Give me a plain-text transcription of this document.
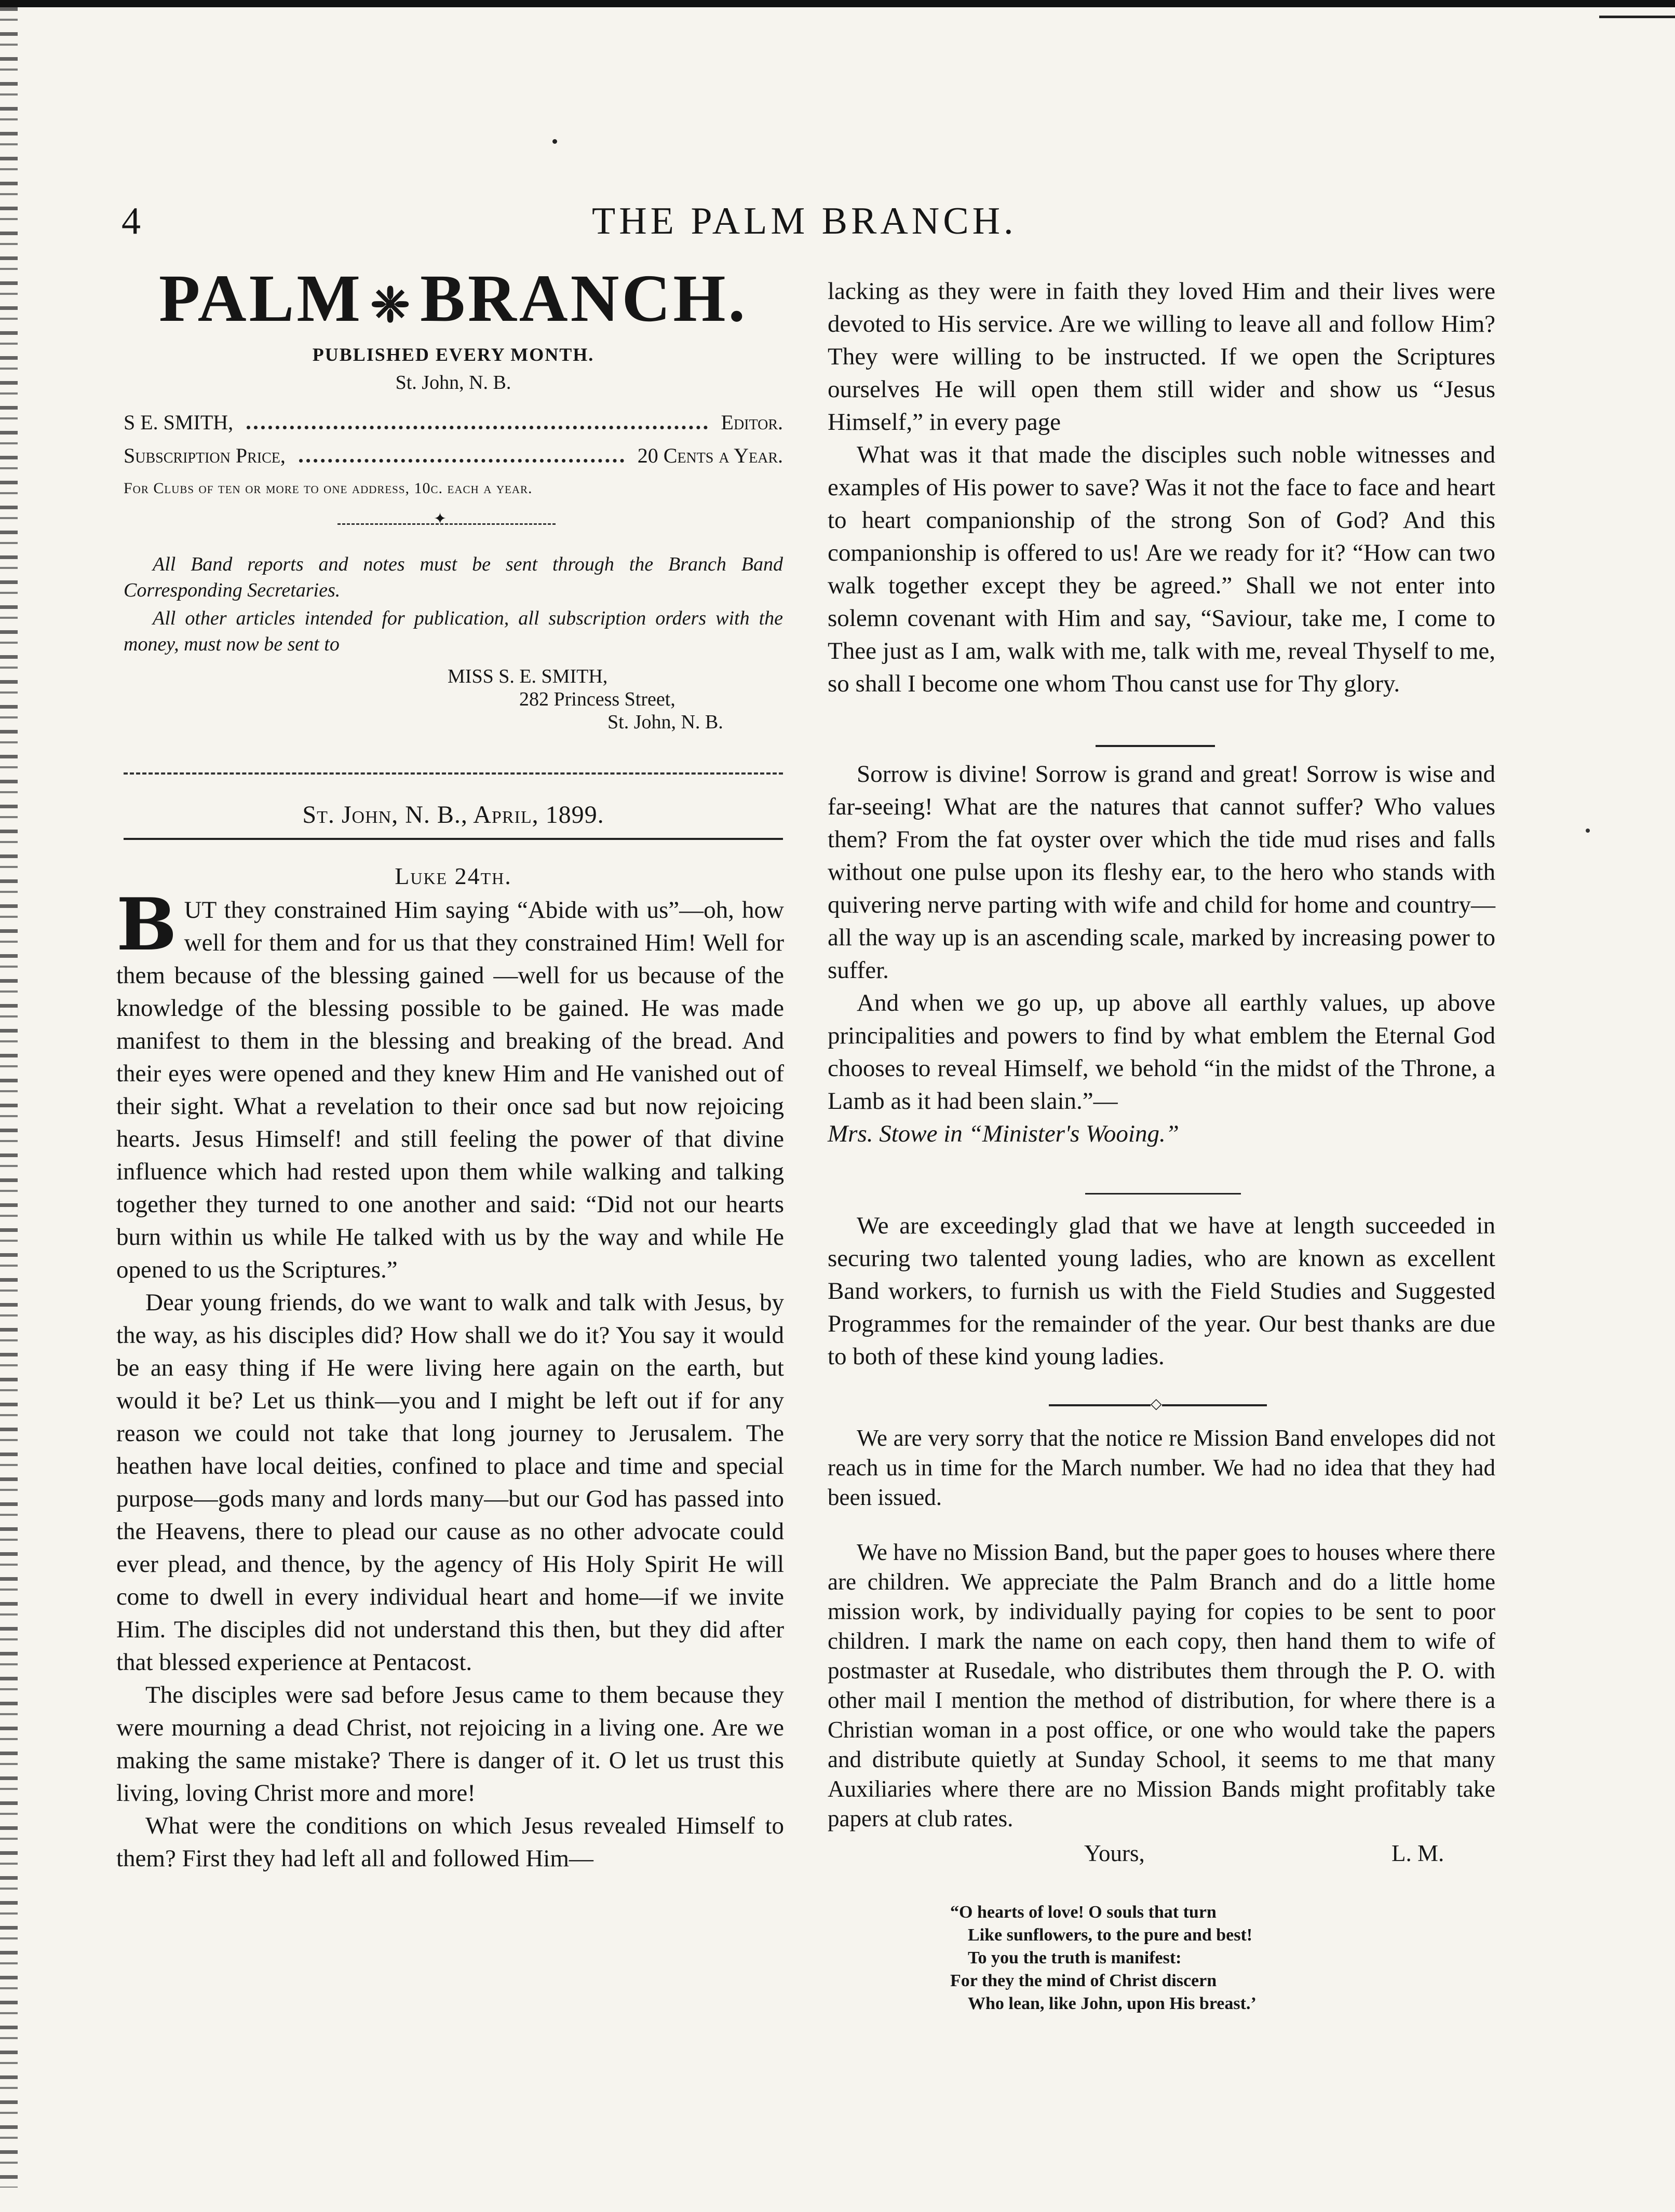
4	THE PALM BRANCH.
PALM ❈ BRANCH.
PUBLISHED EVERY MONTH.
St. John, N. B.
S E. SMITH,	Editor.
Subscription Price,	20 Cents a Year.
For Clubs of ten or more to one address, 10c. each a year.
✦

All Band reports and notes must be sent through the Branch Band Corresponding Secretaries.

All other articles intended for publication, all subscription orders with the money, must now be sent to

MISS S. E. SMITH,
282 Princess Street,
St. John, N. B.
St. John, N. B., April, 1899.
Luke 24th.

BUT they constrained Him saying “Abide with us”—oh, how well for them and for us that they constrained Him! Well for them because of the blessing gained —well for us because of the knowledge of the blessing possible to be gained. He was made manifest to them in the blessing and breaking of the bread. And their eyes were opened and they knew Him and He vanished out of their sight. What a revelation to their once sad but now rejoicing hearts. Jesus Himself! and still feeling the power of that divine influence which had rested upon them while walking and talking together they turned to one another and said: “Did not our hearts burn within us while He talked with us by the way and while He opened to us the Scriptures.”

Dear young friends, do we want to walk and talk with Jesus, by the way, as his disciples did? How shall we do it? You say it would be an easy thing if He were living here again on the earth, but would it be? Let us think—you and I might be left out if for any reason we could not take that long journey to Jerusalem. The heathen have local deities, confined to place and time and special purpose—gods many and lords many—but our God has passed into the Heavens, there to plead our cause as no other advocate could ever plead, and thence, by the agency of His Holy Spirit He will come to dwell in every individual heart and home—if we invite Him. The disciples did not understand this then, but they did after that blessed experience at Pentacost.

The disciples were sad before Jesus came to them because they were mourning a dead Christ, not rejoicing in a living one. Are we making the same mistake? There is danger of it. O let us trust this living, loving Christ more and more!

What were the conditions on which Jesus revealed Himself to them? First they had left all and followed Him—

lacking as they were in faith they loved Him and their lives were devoted to His service. Are we willing to leave all and follow Him? They were willing to be instructed. If we open the Scriptures ourselves He will open them still wider and show us “Jesus Himself,” in every page

What was it that made the disciples such noble witnesses and examples of His power to save? Was it not the face to face and heart to heart companionship of the strong Son of God? And this companionship is offered to us! Are we ready for it? “How can two walk together except they be agreed.” Shall we not enter into solemn covenant with Him and say, “Saviour, take me, I come to Thee just as I am, walk with me, talk with me, reveal Thyself to me, so shall I become one whom Thou canst use for Thy glory.

Sorrow is divine! Sorrow is grand and great! Sorrow is wise and far-seeing! What are the natures that cannot suffer? Who values them? From the fat oyster over which the tide mud rises and falls without one pulse upon its fleshy ear, to the hero who stands with quivering nerve parting with wife and child for home and country—all the way up is an ascending scale, marked by increasing power to suffer.

And when we go up, up above all earthly values, up above principalities and powers to find by what emblem the Eternal God chooses to reveal Himself, we behold “in the midst of the Throne, a Lamb as it had been slain.”—

Mrs. Stowe in “Minister's Wooing.”

We are exceedingly glad that we have at length succeeded in securing two talented young ladies, who are known as excellent Band workers, to furnish us with the Field Studies and Suggested Programmes for the remainder of the year. Our best thanks are due to both of these kind young ladies.

◇

We are very sorry that the notice re Mission Band envelopes did not reach us in time for the March number. We had no idea that they had been issued.

We have no Mission Band, but the paper goes to houses where there are children. We appreciate the Palm Branch and do a little home mission work, by individually paying for copies to be sent to poor children. I mark the name on each copy, then hand them to wife of postmaster at Rusedale, who distributes them through the P. O. with other mail I mention the method of distribution, for where there is a Christian woman in a post office, or one who would take the papers and distribute quietly at Sunday School, it seems to me that many Auxiliaries where there are no Mission Bands might profitably take papers at club rates.

Yours,	L. M.
“O hearts of love! O souls that turn
Like sunflowers, to the pure and best!
To you the truth is manifest:
For they the mind of Christ discern
Who lean, like John, upon His breast.’
